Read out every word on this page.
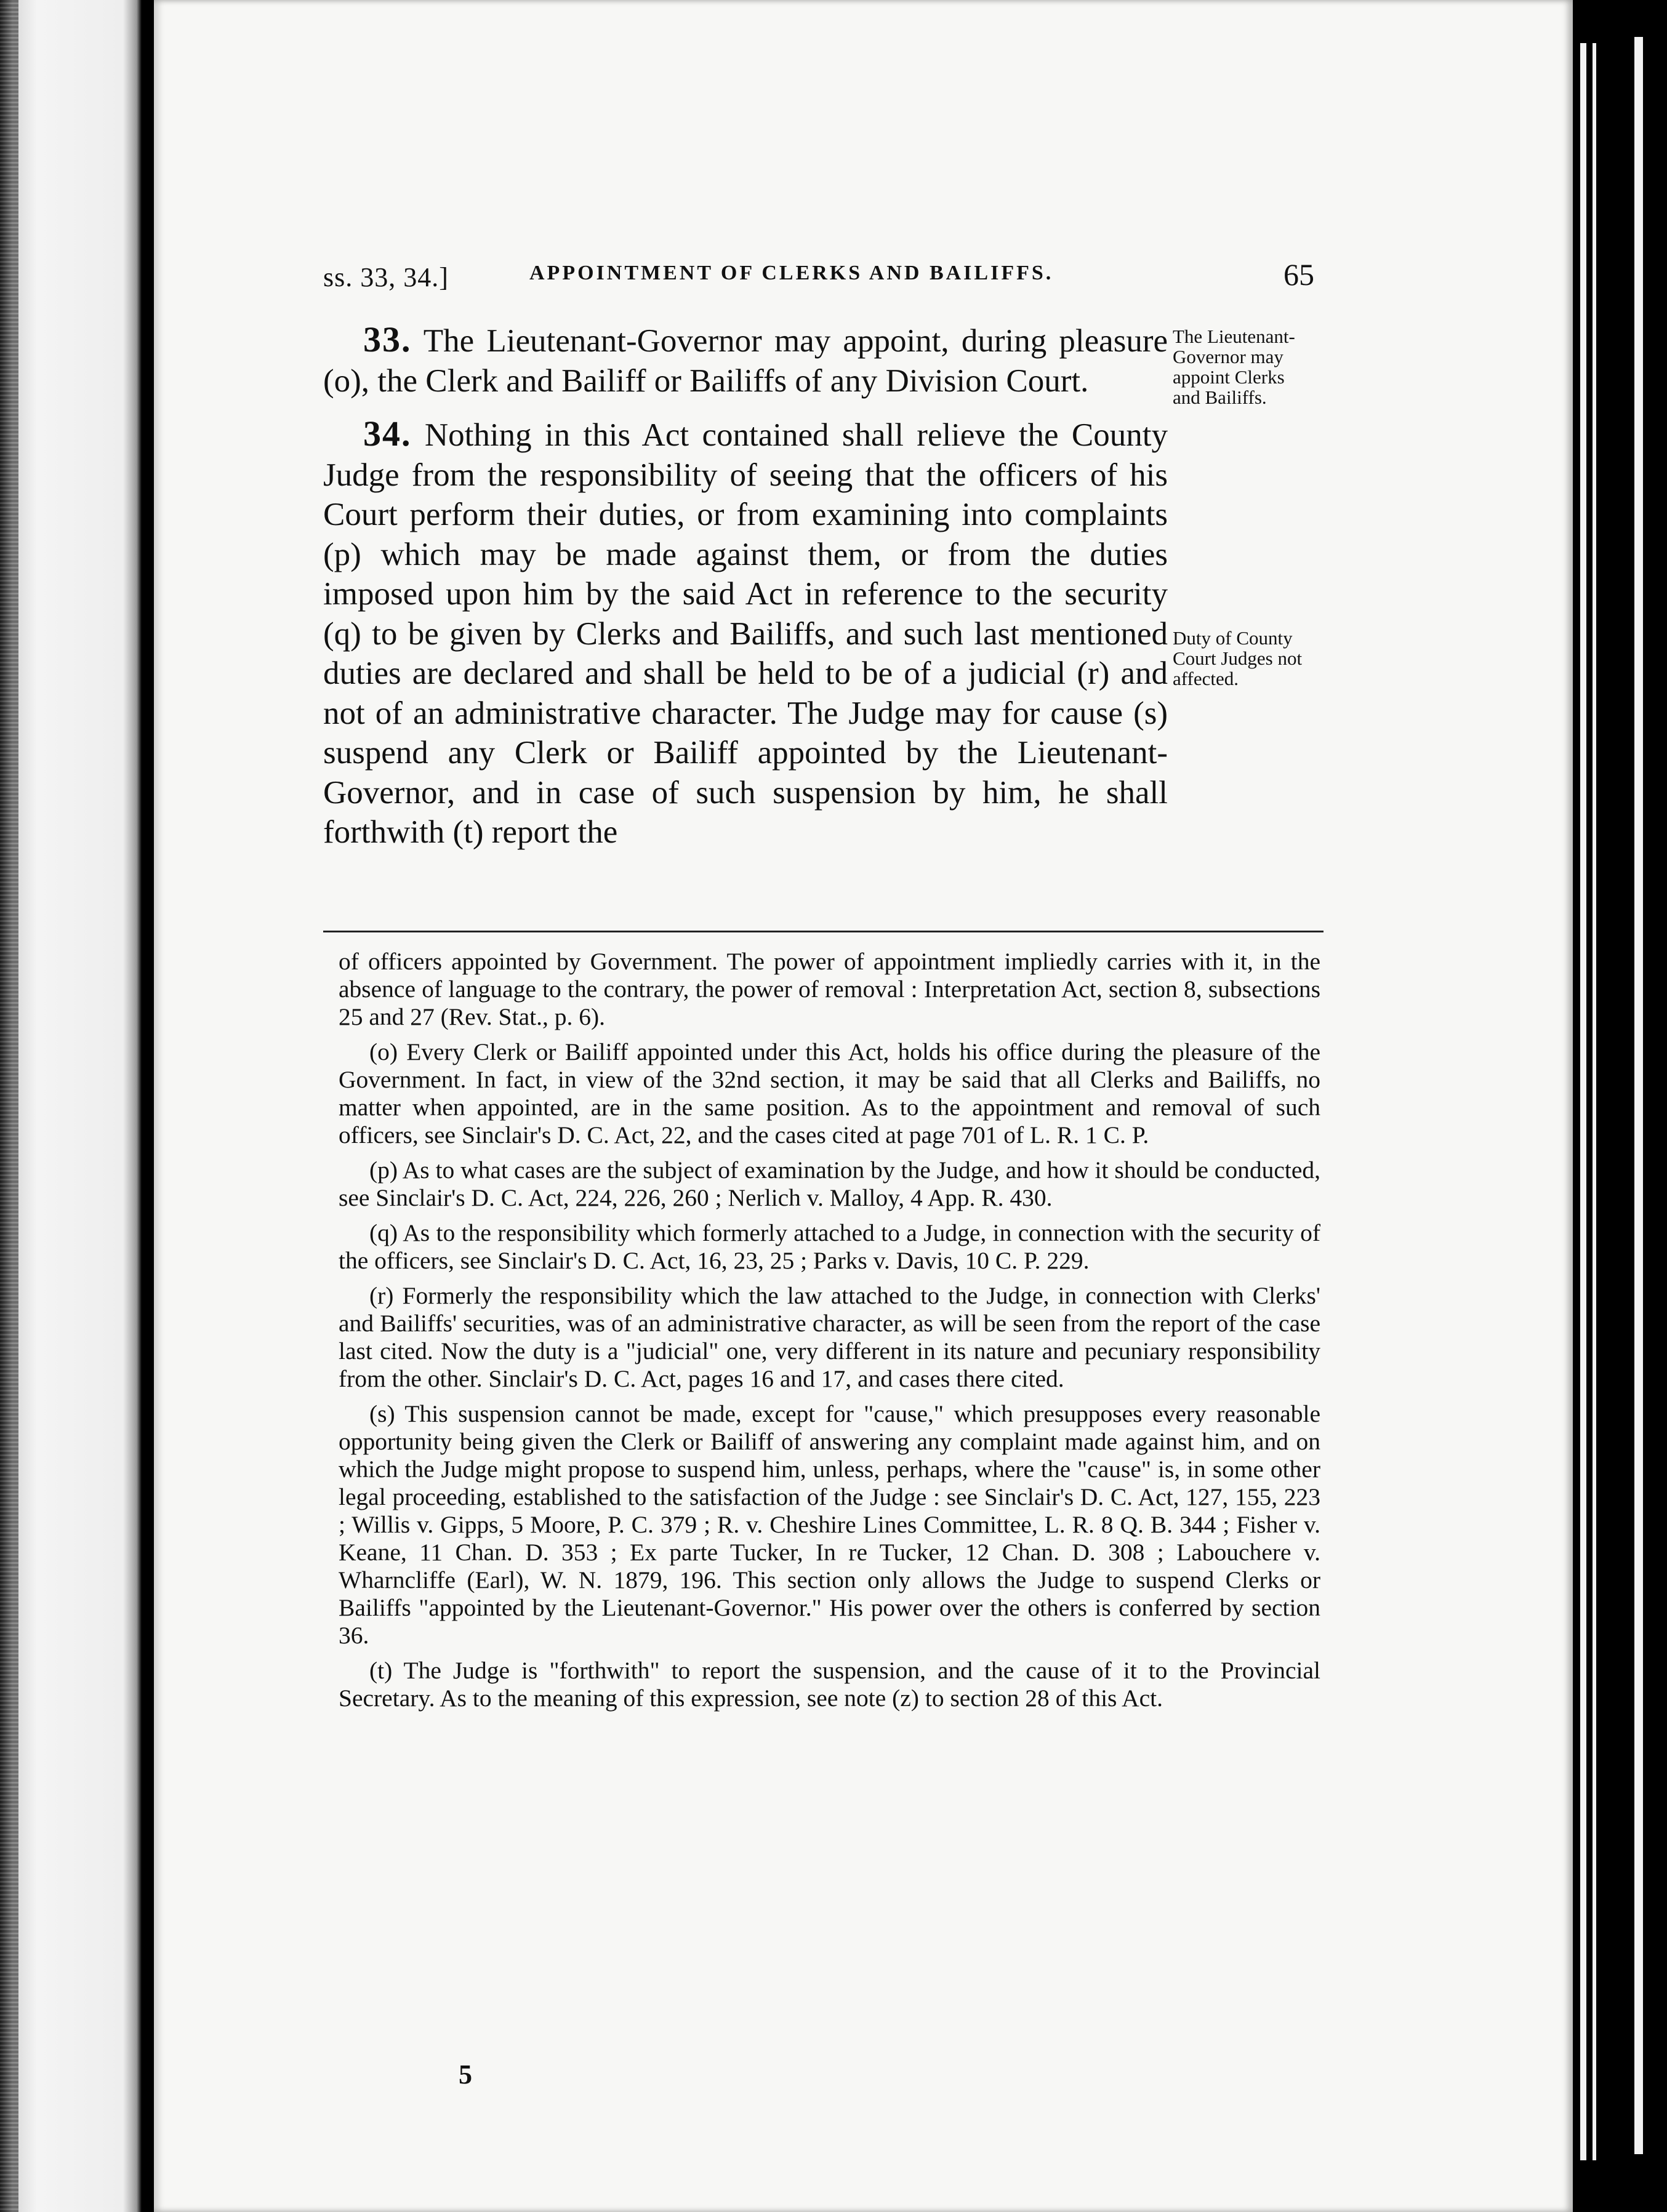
ss. 33, 34.]	APPOINTMENT OF CLERKS AND BAILIFFS.	65

33. The Lieutenant-Governor may appoint, during pleasure (o), the Clerk and Bailiff or Bailiffs of any Division Court.

34. Nothing in this Act contained shall relieve the County Judge from the responsibility of seeing that the officers of his Court perform their duties, or from examining into complaints (p) which may be made against them, or from the duties imposed upon him by the said Act in reference to the security (q) to be given by Clerks and Bailiffs, and such last mentioned duties are declared and shall be held to be of a judicial (r) and not of an administrative character. The Judge may for cause (s) suspend any Clerk or Bailiff appointed by the Lieutenant-Governor, and in case of such suspension by him, he shall forthwith (t) report the

The Lieutenant-Governor may appoint Clerks and Bailiffs.
Duty of County Court Judges not affected.

of officers appointed by Government. The power of appointment impliedly carries with it, in the absence of language to the contrary, the power of removal : Interpretation Act, section 8, subsections 25 and 27 (Rev. Stat., p. 6).

(o) Every Clerk or Bailiff appointed under this Act, holds his office during the pleasure of the Government. In fact, in view of the 32nd section, it may be said that all Clerks and Bailiffs, no matter when appointed, are in the same position. As to the appointment and removal of such officers, see Sinclair's D. C. Act, 22, and the cases cited at page 701 of L. R. 1 C. P.

(p) As to what cases are the subject of examination by the Judge, and how it should be conducted, see Sinclair's D. C. Act, 224, 226, 260 ; Nerlich v. Malloy, 4 App. R. 430.

(q) As to the responsibility which formerly attached to a Judge, in connection with the security of the officers, see Sinclair's D. C. Act, 16, 23, 25 ; Parks v. Davis, 10 C. P. 229.

(r) Formerly the responsibility which the law attached to the Judge, in connection with Clerks' and Bailiffs' securities, was of an administrative character, as will be seen from the report of the case last cited. Now the duty is a "judicial" one, very different in its nature and pecuniary responsibility from the other. Sinclair's D. C. Act, pages 16 and 17, and cases there cited.

(s) This suspension cannot be made, except for "cause," which presupposes every reasonable opportunity being given the Clerk or Bailiff of answering any complaint made against him, and on which the Judge might propose to suspend him, unless, perhaps, where the "cause" is, in some other legal proceeding, established to the satisfaction of the Judge : see Sinclair's D. C. Act, 127, 155, 223 ; Willis v. Gipps, 5 Moore, P. C. 379 ; R. v. Cheshire Lines Committee, L. R. 8 Q. B. 344 ; Fisher v. Keane, 11 Chan. D. 353 ; Ex parte Tucker, In re Tucker, 12 Chan. D. 308 ; Labouchere v. Wharncliffe (Earl), W. N. 1879, 196. This section only allows the Judge to suspend Clerks or Bailiffs "appointed by the Lieutenant-Governor." His power over the others is conferred by section 36.

(t) The Judge is "forthwith" to report the suspension, and the cause of it to the Provincial Secretary. As to the meaning of this expression, see note (z) to section 28 of this Act.

5
